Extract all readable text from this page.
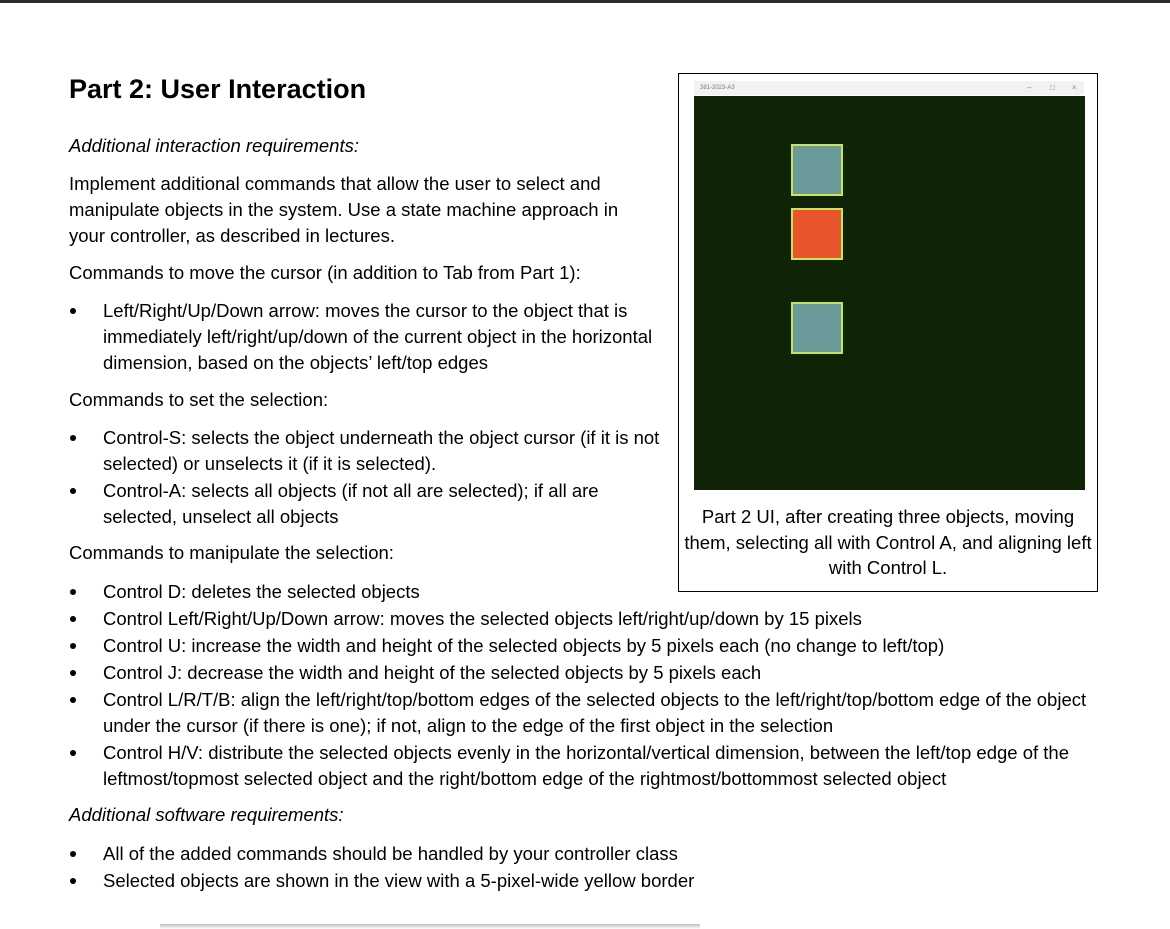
Part 2: User Interaction

Additional interaction requirements:

Implement additional commands that allow the user to select and manipulate objects in the system. Use a state machine approach in your controller, as described in lectures.

Commands to move the cursor (in addition to Tab from Part 1):

Left/Right/Up/Down arrow: moves the cursor to the object that is immediately left/right/up/down of the current object in the horizontal dimension, based on the objects’ left/top edges

Commands to set the selection:

Control-S: selects the object underneath the object cursor (if it is not selected) or unselects it (if it is selected).
Control-A: selects all objects (if not all are selected); if all are selected, unselect all objects

Commands to manipulate the selection:

Control D: deletes the selected objects
Control Left/Right/Up/Down arrow: moves the selected objects left/right/up/down by 15 pixels
Control U: increase the width and height of the selected objects by 5 pixels each (no change to left/top)
Control J: decrease the width and height of the selected objects by 5 pixels each
Control L/R/T/B: align the left/right/top/bottom edges of the selected objects to the left/right/top/bottom edge of the object under the cursor (if there is one); if not, align to the edge of the first object in the selection
Control H/V: distribute the selected objects evenly in the horizontal/vertical dimension, between the left/top edge of the leftmost/topmost selected object and the right/bottom edge of the rightmost/bottommost selected object

Additional software requirements:

All of the added commands should be handled by your controller class
Selected objects are shown in the view with a 5-pixel-wide yellow border
381-2023-A3	– □ ×
Part 2 UI, after creating three objects, moving them, selecting all with Control A, and aligning left with Control L.
